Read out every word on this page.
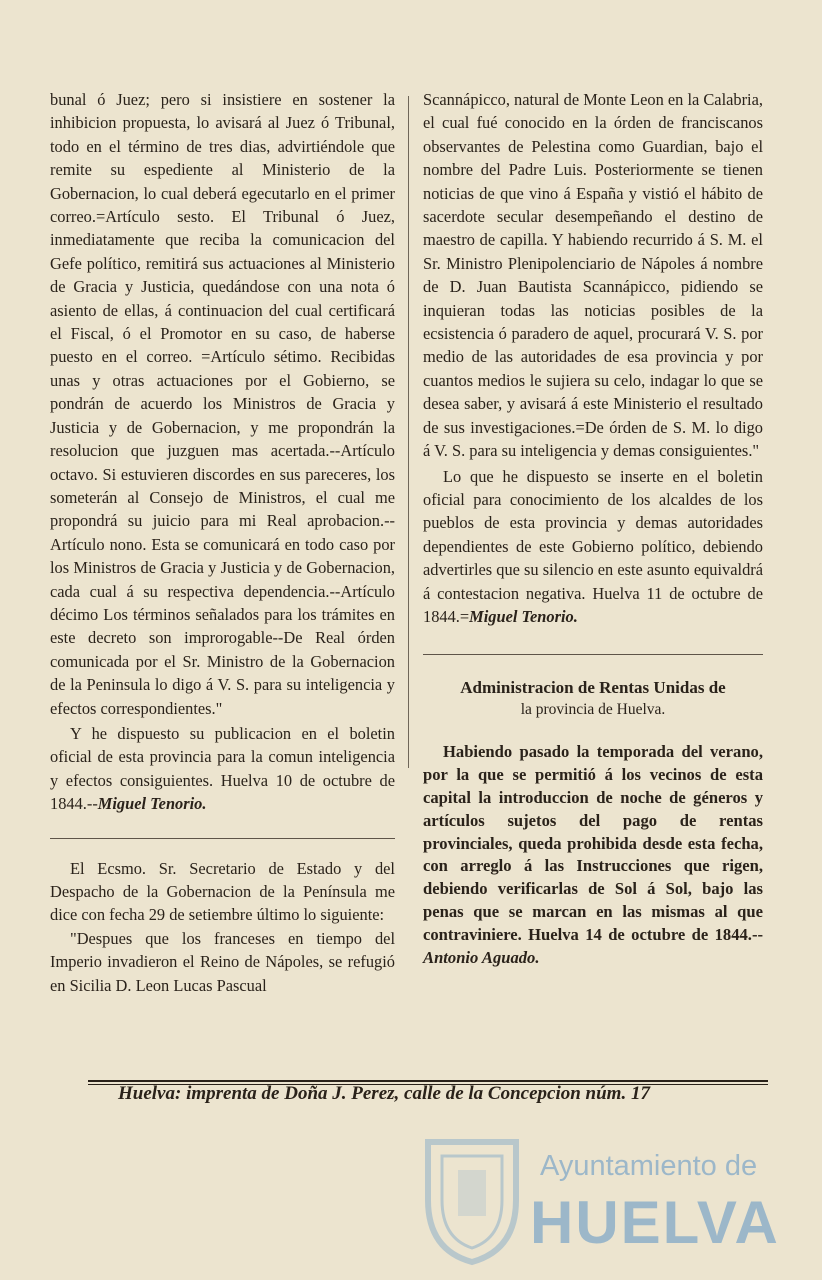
bunal ó Juez; pero si insistiere en sostener la inhibicion propuesta, lo avisará al Juez ó Tribunal, todo en el término de tres dias, advirtiéndole que remite su espediente al Ministerio de la Gobernacion, lo cual deberá egecutarlo en el primer correo.=Artículo sesto. El Tribunal ó Juez, inmediatamente que reciba la comunicacion del Gefe político, remitirá sus actuaciones al Ministerio de Gracia y Justicia, quedándose con una nota ó asiento de ellas, á continuacion del cual certificará el Fiscal, ó el Promotor en su caso, de haberse puesto en el correo. =Artículo sétimo. Recibidas unas y otras actuaciones por el Gobierno, se pondrán de acuerdo los Ministros de Gracia y Justicia y de Gobernacion, y me propondrán la resolucion que juzguen mas acertada.--Artículo octavo. Si estuvieren discordes en sus pareceres, los someterán al Consejo de Ministros, el cual me propondrá su juicio para mi Real aprobacion.--Artículo nono. Esta se comunicará en todo caso por los Ministros de Gracia y Justicia y de Gobernacion, cada cual á su respectiva dependencia.--Artículo décimo Los términos señalados para los trámites en este decreto son improrogable--De Real órden comunicada por el Sr. Ministro de la Gobernacion de la Peninsula lo digo á V. S. para su inteligencia y efectos correspondientes."

Y he dispuesto su publicacion en el boletin oficial de esta provincia para la comun inteligencia y efectos consiguientes. Huelva 10 de octubre de 1844.--Miguel Tenorio.

El Ecsmo. Sr. Secretario de Estado y del Despacho de la Gobernacion de la Península me dice con fecha 29 de setiembre último lo siguiente:

"Despues que los franceses en tiempo del Imperio invadieron el Reino de Nápoles, se refugió en Sicilia D. Leon Lucas Pascual

Scannápicco, natural de Monte Leon en la Calabria, el cual fué conocido en la órden de franciscanos observantes de Pelestina como Guardian, bajo el nombre del Padre Luis. Posteriormente se tienen noticias de que vino á España y vistió el hábito de sacerdote secular desempeñando el destino de maestro de capilla. Y habiendo recurrido á S. M. el Sr. Ministro Plenipolenciario de Nápoles á nombre de D. Juan Bautista Scannápicco, pidiendo se inquieran todas las noticias posibles de la ecsistencia ó paradero de aquel, procurará V. S. por medio de las autoridades de esa provincia y por cuantos medios le sujiera su celo, indagar lo que se desea saber, y avisará á este Ministerio el resultado de sus investigaciones.=De órden de S. M. lo digo á V. S. para su inteligencia y demas consiguientes."

Lo que he dispuesto se inserte en el boletin oficial para conocimiento de los alcaldes de los pueblos de esta provincia y demas autoridades dependientes de este Gobierno político, debiendo advertirles que su silencio en este asunto equivaldrá á contestacion negativa. Huelva 11 de octubre de 1844.=Miguel Tenorio.

Administracion de Rentas Unidas de
la provincia de Huelva.

Habiendo pasado la temporada del verano, por la que se permitió á los vecinos de esta capital la introduccion de noche de géneros y artículos sujetos del pago de rentas provinciales, queda prohibida desde esta fecha, con arreglo á las Instrucciones que rigen, debiendo verificarlas de Sol á Sol, bajo las penas que se marcan en las mismas al que contraviniere. Huelva 14 de octubre de 1844.--Antonio Aguado.

Huelva: imprenta de Doña J. Perez, calle de la Concepcion núm. 17
Ayuntamiento de
HUELVA
